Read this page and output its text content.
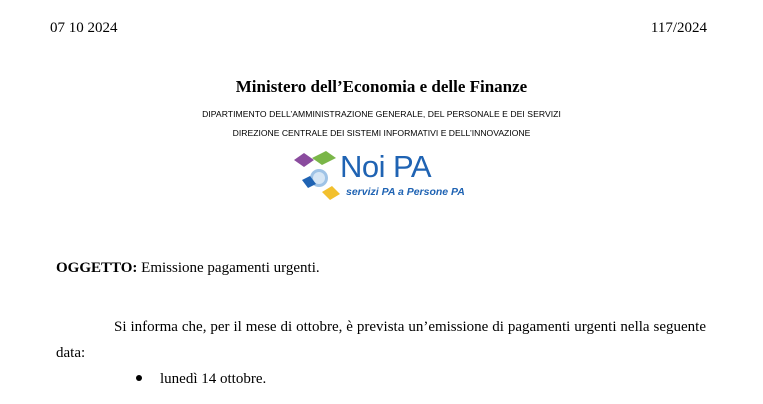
07 10 2024	117/2024
Ministero dell’Economia e delle Finanze
DIPARTIMENTO DELL’AMMINISTRAZIONE GENERALE, DEL PERSONALE E DEI SERVIZI
DIREZIONE CENTRALE DEI SISTEMI INFORMATIVI E DELL’INNOVAZIONE
Noi PA
servizi PA a Persone PA
OGGETTO: Emissione pagamenti urgenti.
Si informa che, per il mese di ottobre, è prevista un’emissione di pagamenti urgenti nella seguente data:
lunedì 14 ottobre.
